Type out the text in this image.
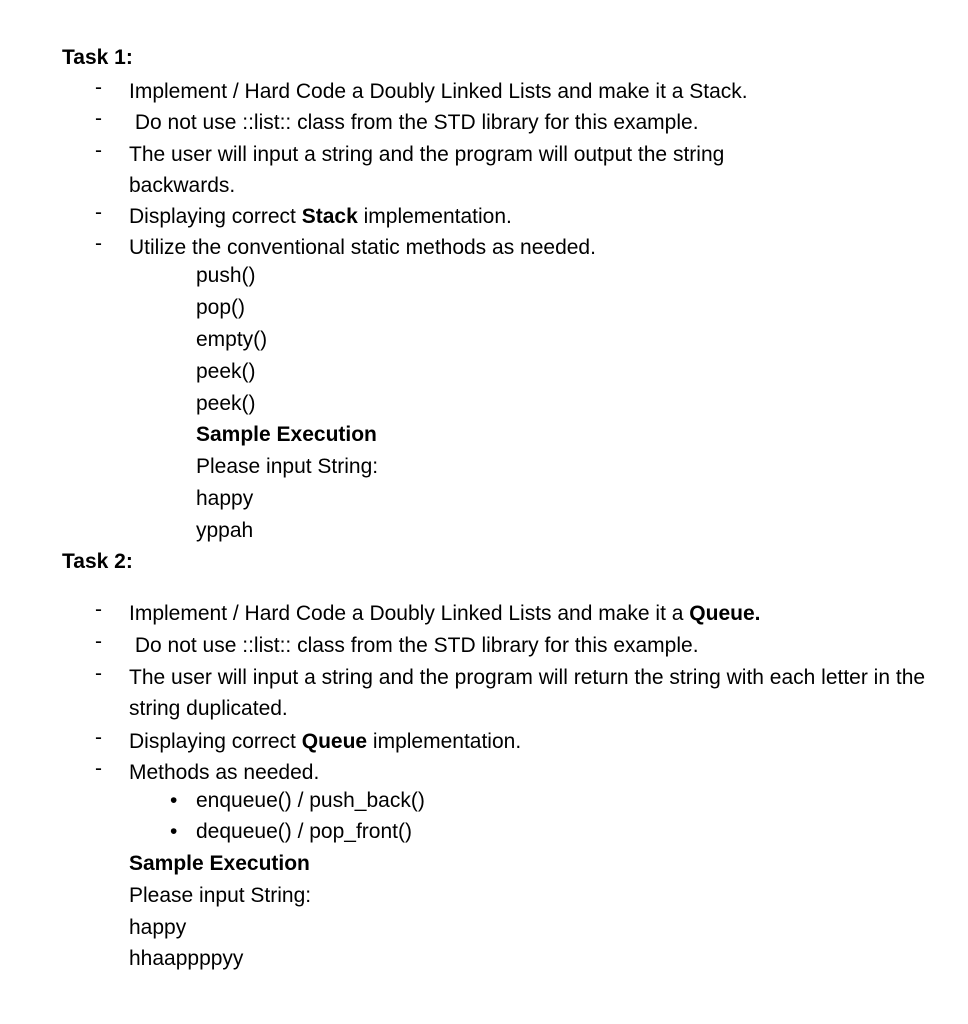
Task 1:
- Implement / Hard Code a Doubly Linked Lists and make it a Stack.
- Do not use ::list:: class from the STD library for this example.
- The user will input a string and the program will output the string backwards.
- Displaying correct Stack implementation.
- Utilize the conventional static methods as needed.
push()
pop()
empty()
peek()
peek()
Sample Execution
Please input String:
happy
yppah
Task 2:
- Implement / Hard Code a Doubly Linked Lists and make it a Queue.
- Do not use ::list:: class from the STD library for this example.
- The user will input a string and the program will return the string with each letter in the string duplicated.
- Displaying correct Queue implementation.
- Methods as needed.
• enqueue() / push_back()
• dequeue() / pop_front()
Sample Execution
Please input String:
happy
hhaappppyy
